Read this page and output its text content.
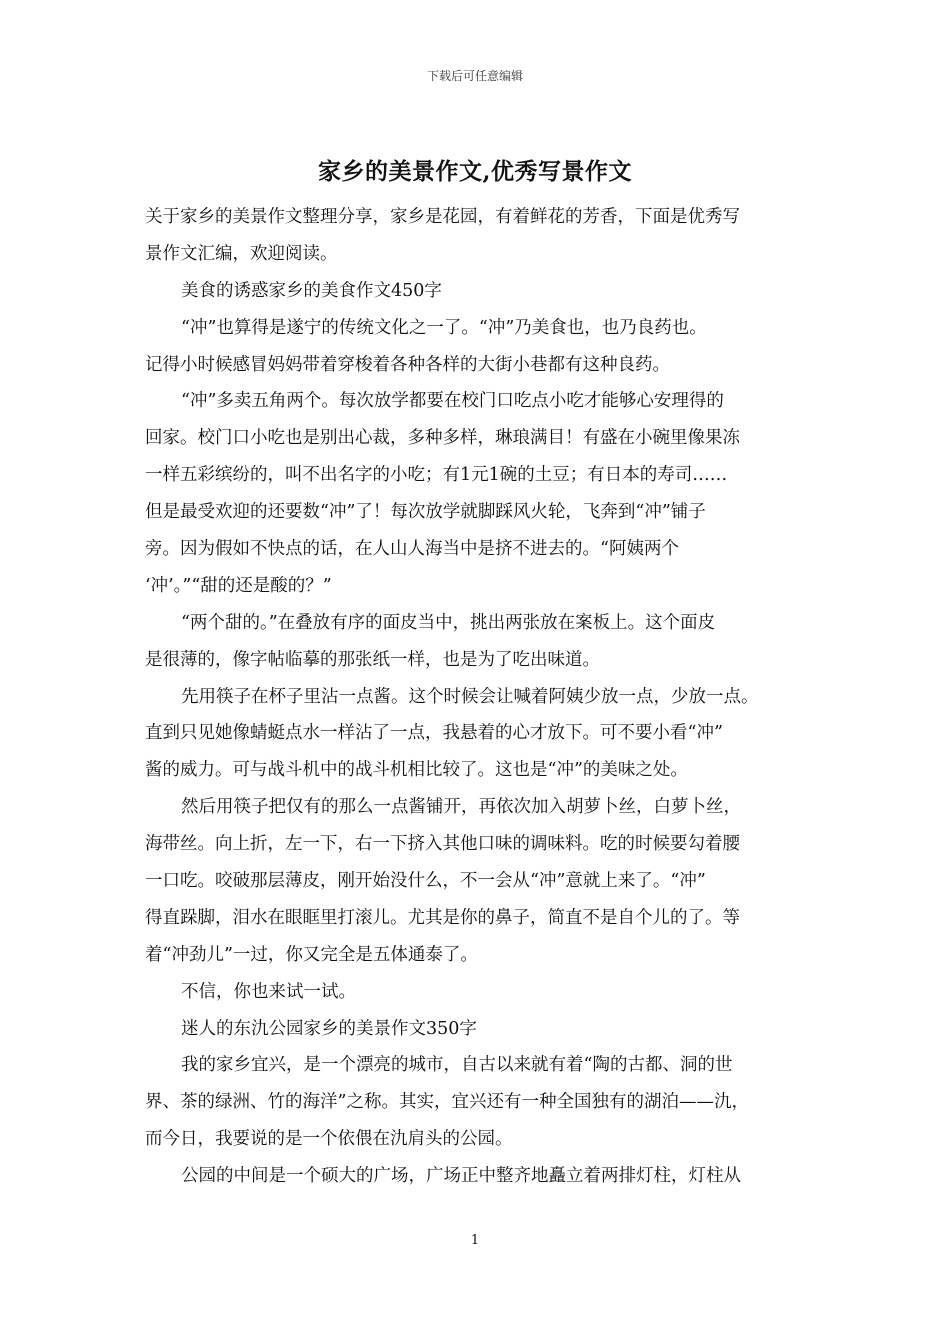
下载后可任意编辑
家乡的美景作文,优秀写景作文
关于家乡的美景作文整理分享，家乡是花园，有着鲜花的芳香，下面是优秀写
景作文汇编，欢迎阅读。
美食的诱惑家乡的美食作文450字
“冲”也算得是遂宁的传统文化之一了。“冲”乃美食也，也乃良药也。
记得小时候感冒妈妈带着穿梭着各种各样的大街小巷都有这种良药。
“冲”多卖五角两个。每次放学都要在校门口吃点小吃才能够心安理得的
回家。校门口小吃也是别出心裁，多种多样，琳琅满目！有盛在小碗里像果冻
一样五彩缤纷的，叫不出名字的小吃；有1元1碗的土豆；有日本的寿司……
但是最受欢迎的还要数“冲”了！每次放学就脚踩风火轮，飞奔到“冲”铺子
旁。因为假如不快点的话，在人山人海当中是挤不进去的。“阿姨两个
‘冲’。”“甜的还是酸的？”
“两个甜的。”在叠放有序的面皮当中，挑出两张放在案板上。这个面皮
是很薄的，像字帖临摹的那张纸一样，也是为了吃出味道。
先用筷子在杯子里沾一点酱。这个时候会让喊着阿姨少放一点，少放一点。
直到只见她像蜻蜓点水一样沾了一点，我悬着的心才放下。可不要小看“冲”
酱的威力。可与战斗机中的战斗机相比较了。这也是“冲”的美味之处。
然后用筷子把仅有的那么一点酱铺开，再依次加入胡萝卜丝，白萝卜丝，
海带丝。向上折，左一下，右一下挤入其他口味的调味料。吃的时候要勾着腰
一口吃。咬破那层薄皮，刚开始没什么，不一会从“冲”意就上来了。“冲”
得直跺脚，泪水在眼眶里打滚儿。尤其是你的鼻子，简直不是自个儿的了。等
着“冲劲儿”一过，你又完全是五体通泰了。
不信，你也来试一试。
迷人的东氿公园家乡的美景作文350字
我的家乡宜兴，是一个漂亮的城市，自古以来就有着“陶的古都、洞的世
界、茶的绿洲、竹的海洋”之称。其实，宜兴还有一种全国独有的湖泊——氿，
而今日，我要说的是一个依偎在氿肩头的公园。
公园的中间是一个硕大的广场，广场正中整齐地矗立着两排灯柱，灯柱从
1
